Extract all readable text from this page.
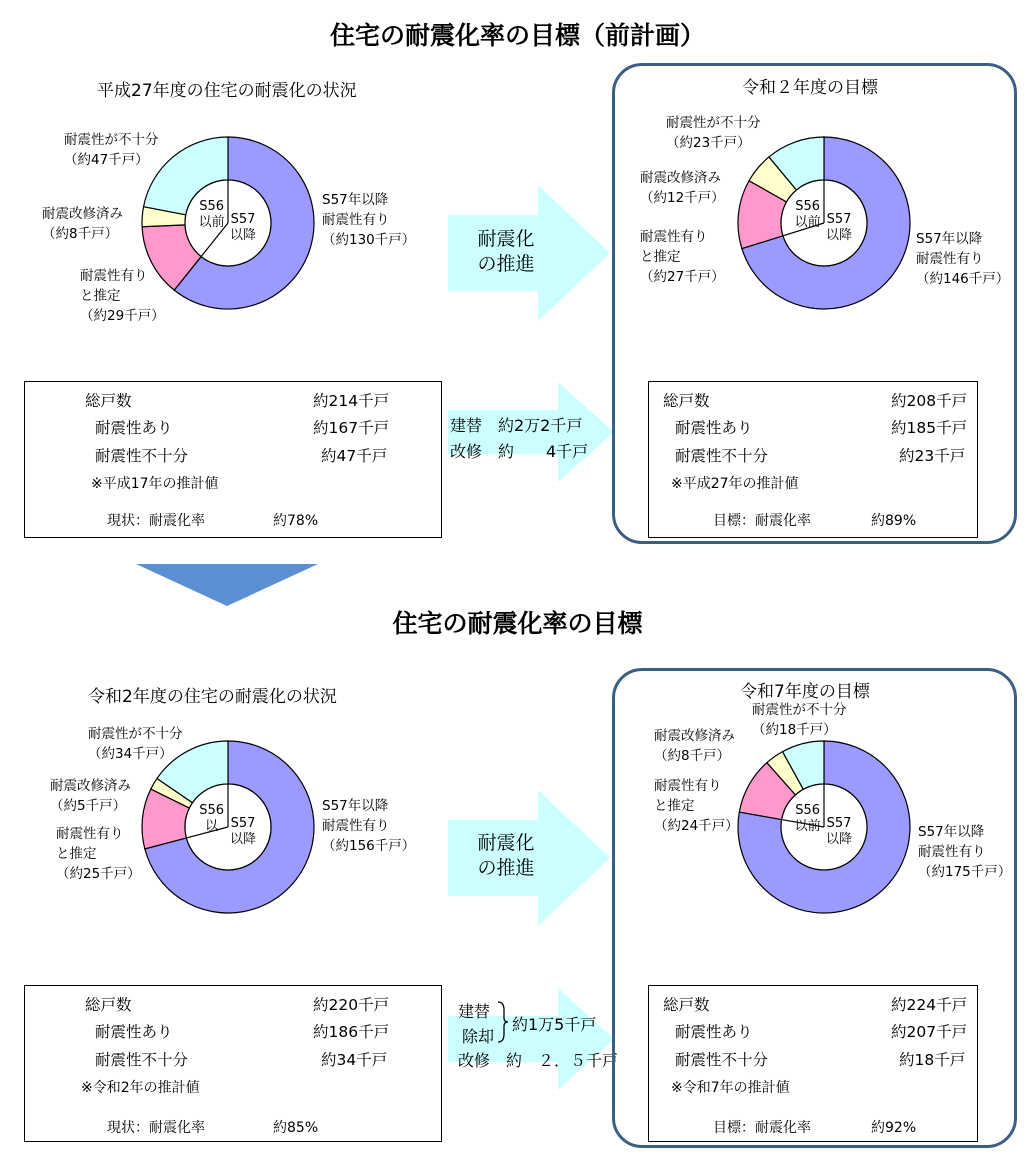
住宅の耐震化率の目標（前計画）
平成27年度の住宅の耐震化の状況
S56 以前 S57 以降
耐震性が不十分
（約47千戸）
耐震改修済み
（約8千戸）
耐震性有り
と推定
（約29千戸）
S57年以降
耐震性有り
（約130千戸）	耐震化
の推進
総戸数	約214千戸
耐震性あり	約167千戸
耐震性不十分	約47千戸
※平成17年の推計値
現状：耐震化率	約78%
建替　約2万2千戸
改修　約　　4千戸
令和２年度の目標
S56 以前 S57 以降
耐震性が不十分
（約23千戸）
耐震改修済み
（約12千戸）
耐震性有り
と推定
（約27千戸）
S57年以降
耐震性有り
（約146千戸）
総戸数	約208千戸
耐震性あり	約185千戸
耐震性不十分	約23千戸
※平成27年の推計値
目標：耐震化率	約89%
住宅の耐震化率の目標
令和2年度の住宅の耐震化の状況
S56 以 S57 以降
耐震性が不十分
（約34千戸）
耐震改修済み
（約5千戸）
耐震性有り
と推定
（約25千戸）
S57年以降
耐震性有り
（約156千戸）	耐震化
の推進
総戸数	約220千戸
耐震性あり	約186千戸
耐震性不十分	約34千戸
※令和2年の推計値
現状：耐震化率	約85%
建替
除却
約1万5千戸
改修　約　２．５千戸
令和7年度の目標
S56 以前 S57 以降
耐震性が不十分
（約18千戸）
耐震改修済み
（約8千戸）
耐震性有り
と推定
（約24千戸）	S57年以降
耐震性有り
（約175千戸）
総戸数	約224千戸
耐震性あり	約207千戸
耐震性不十分	約18千戸
※令和7年の推計値
目標：耐震化率	約92%
